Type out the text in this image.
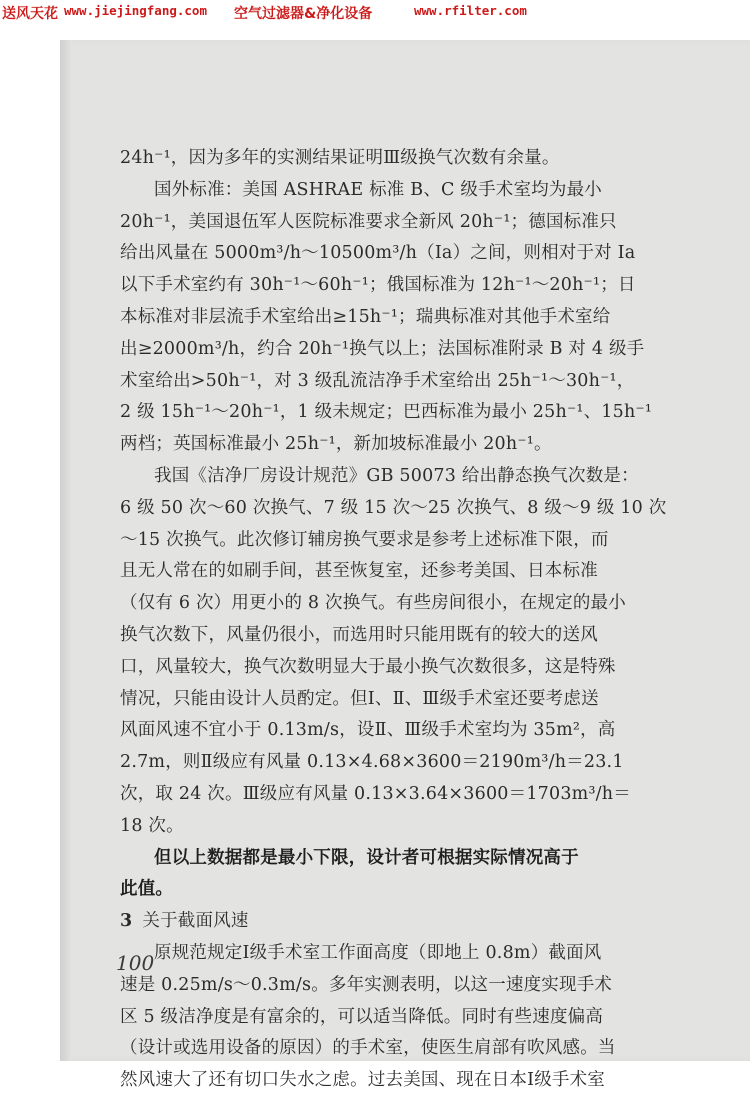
送风天花 www.jiejingfang.com 空气过滤器&净化设备	www.rfilter.com
24h⁻¹，因为多年的实测结果证明Ⅲ级换气次数有余量。
国外标准：美国 ASHRAE 标准 B、C 级手术室均为最小
20h⁻¹，美国退伍军人医院标准要求全新风 20h⁻¹；德国标准只
给出风量在 5000m³/h～10500m³/h（Ia）之间，则相对于对 Ia
以下手术室约有 30h⁻¹～60h⁻¹；俄国标准为 12h⁻¹～20h⁻¹；日
本标准对非层流手术室给出≥15h⁻¹；瑞典标准对其他手术室给
出≥2000m³/h，约合 20h⁻¹换气以上；法国标准附录 B 对 4 级手
术室给出>50h⁻¹，对 3 级乱流洁净手术室给出 25h⁻¹～30h⁻¹，
2 级 15h⁻¹～20h⁻¹，1 级未规定；巴西标准为最小 25h⁻¹、15h⁻¹
两档；英国标准最小 25h⁻¹，新加坡标准最小 20h⁻¹。
我国《洁净厂房设计规范》GB 50073 给出静态换气次数是：
6 级 50 次～60 次换气、7 级 15 次～25 次换气、8 级～9 级 10 次
～15 次换气。此次修订辅房换气要求是参考上述标准下限，而
且无人常在的如刷手间，甚至恢复室，还参考美国、日本标准
（仅有 6 次）用更小的 8 次换气。有些房间很小，在规定的最小
换气次数下，风量仍很小，而选用时只能用既有的较大的送风
口，风量较大，换气次数明显大于最小换气次数很多，这是特殊
情况，只能由设计人员酌定。但Ⅰ、Ⅱ、Ⅲ级手术室还要考虑送
风面风速不宜小于 0.13m/s，设Ⅱ、Ⅲ级手术室均为 35m²，高
2.7m，则Ⅱ级应有风量 0.13×4.68×3600＝2190m³/h＝23.1
次，取 24 次。Ⅲ级应有风量 0.13×3.64×3600＝1703m³/h＝
18 次。
但以上数据都是最小下限，设计者可根据实际情况高于
此值。
3 关于截面风速
原规范规定Ⅰ级手术室工作面高度（即地上 0.8m）截面风
速是 0.25m/s～0.3m/s。多年实测表明，以这一速度实现手术
区 5 级洁净度是有富余的，可以适当降低。同时有些速度偏高
（设计或选用设备的原因）的手术室，使医生肩部有吹风感。当
然风速大了还有切口失水之虑。过去美国、现在日本Ⅰ级手术室
100
